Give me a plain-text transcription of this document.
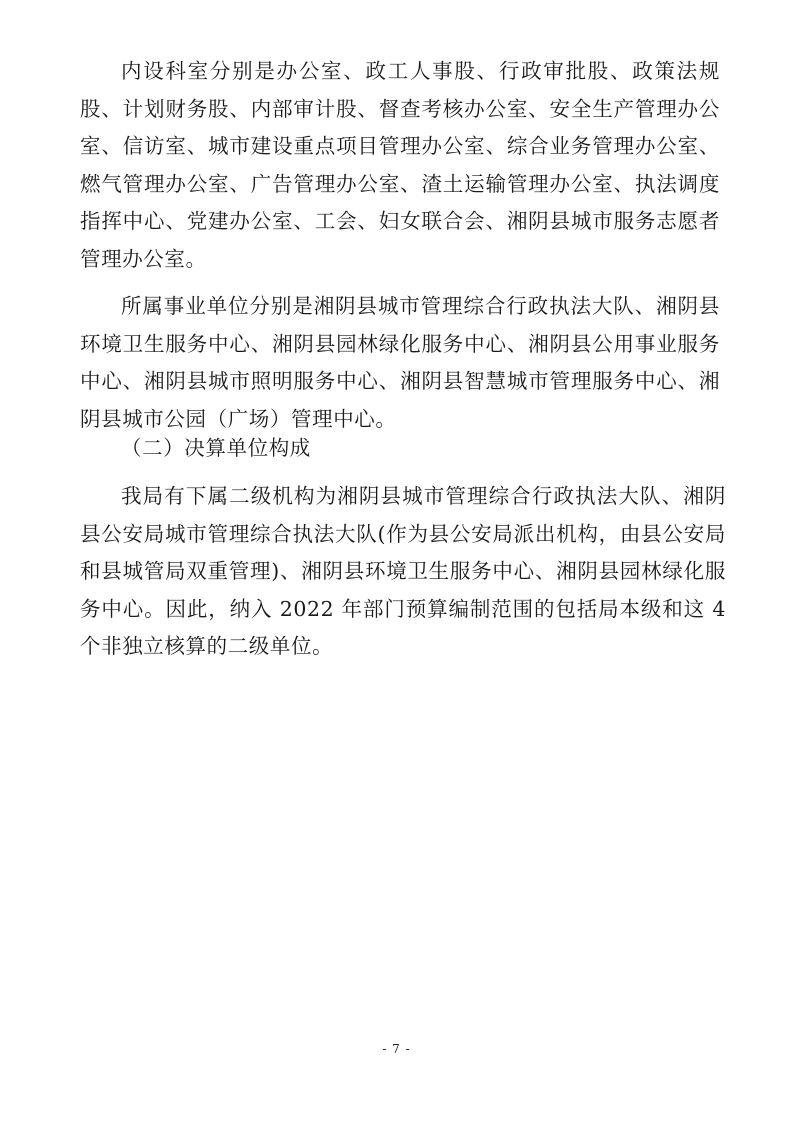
内设科室分别是办公室、政工人事股、行政审批股、政策法规股、计划财务股、内部审计股、督查考核办公室、安全生产管理办公室、信访室、城市建设重点项目管理办公室、综合业务管理办公室、燃气管理办公室、广告管理办公室、渣土运输管理办公室、执法调度指挥中心、党建办公室、工会、妇女联合会、湘阴县城市服务志愿者管理办公室。

所属事业单位分别是湘阴县城市管理综合行政执法大队、湘阴县环境卫生服务中心、湘阴县园林绿化服务中心、湘阴县公用事业服务中心、湘阴县城市照明服务中心、湘阴县智慧城市管理服务中心、湘阴县城市公园（广场）管理中心。

（二）决算单位构成

我局有下属二级机构为湘阴县城市管理综合行政执法大队、湘阴县公安局城市管理综合执法大队(作为县公安局派出机构，由县公安局和县城管局双重管理)、湘阴县环境卫生服务中心、湘阴县园林绿化服务中心。因此，纳入 2022 年部门预算编制范围的包括局本级和这 4 个非独立核算的二级单位。

- 7 -
